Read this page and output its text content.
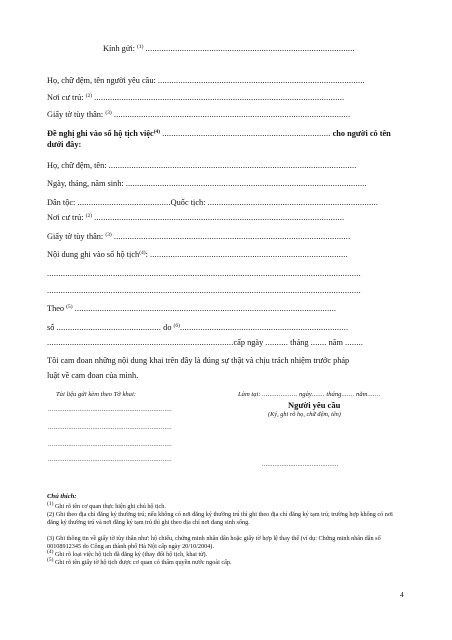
Kính gửi: $^{(1)}$ ............................................................................................
Họ, chữ đệm, tên người yêu cầu: ...........................................................................................
Nơi cư trú: $^{(2)}$ ..............................................................................................................
Giấy tờ tùy thân: $^{(3)}$ ........................................................................................................
Đề nghị ghi vào sổ hộ tịch việc$^{(4)}$ .......................................................................... cho người có tên
dưới đây:
Họ, chữ đệm, tên: .............................................................................................................
Ngày, tháng, năm sinh: ..........................................................................................................
Dân tộc: .........................................Quốc tịch: ...........................................................................
Nơi cư trú: $^{(2)}$ ..............................................................................................................
Giấy tờ tùy thân: $^{(3)}$ ........................................................................................................
Nội dung ghi vào sổ hộ tịch$^{(4)}$: .......................................................................................
..........................................................................................................................................
..........................................................................................................................................
Theo $^{(5)}$ ...................................................................................................................
số .............................................. do $^{(6)}$..........................................................................
..................................................................................cấp ngày .......... tháng ....... năm ........
Tôi cam đoan những nội dung khai trên đây là đúng sự thật và chịu trách nhiệm trước pháp
luật về cam đoan của mình.
Tài liệu gửi kèm theo Tờ khai:
...................................................................
...................................................................
...................................................................
...................................................................
Làm tại: ................... ngày....... tháng....... năm.......
Người yêu cầu
(Ký, ghi rõ họ, chữ đệm, tên)
...........................................
Chú thích:
$^{(1)}$ Ghi rõ tên cơ quan thực hiện ghi chú hộ tịch.
(2) Ghi theo địa chỉ đăng ký thường trú; nếu không có nơi đăng ký thường trú thì ghi theo địa chỉ đăng ký tạm trú; trường hợp không có nơi đăng ký thường trú và nơi đăng ký tạm trú thì ghi theo địa chỉ nơi đang sinh sống.
(3) Ghi thông tin về giấy tờ tùy thân như: hộ chiếu, chứng minh nhân dân hoặc giấy tờ hợp lệ thay thế (ví dụ: Chứng minh nhân dân số 00108912345 do Công an thành phố Hà Nội cấp ngày 20/10/2004).
$^{(4)}$ Ghi rõ loại việc hộ tịch đã đăng ký (thay đổi hộ tịch, khai tử).
$^{(5)}$ Ghi rõ tên giấy tờ hộ tịch được cơ quan có thẩm quyền nước ngoài cấp.
4
